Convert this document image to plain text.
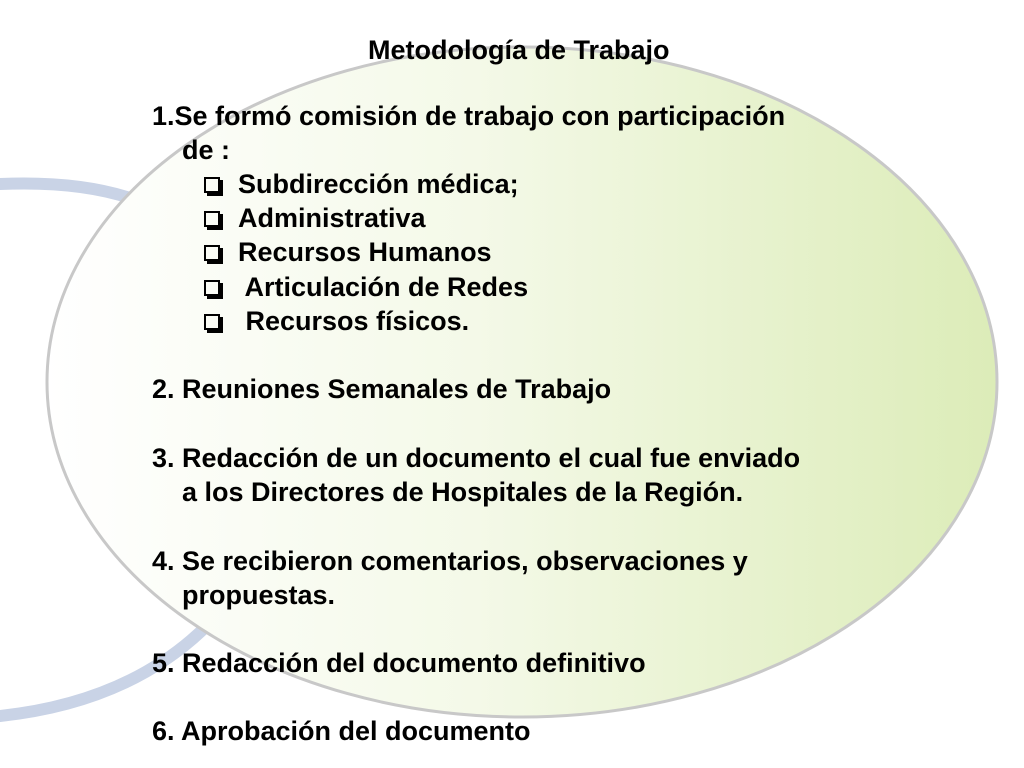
Metodología de Trabajo
1.Se formó comisión de trabajo con participación
de :
Subdirección médica;
Administrativa
Recursos Humanos
Articulación de Redes
Recursos físicos.
2. Reuniones Semanales de Trabajo
3. Redacción de un documento el cual fue enviado
a los Directores de Hospitales de la Región.
4. Se recibieron comentarios, observaciones y
propuestas.
5. Redacción del documento definitivo
6. Aprobación del documento
